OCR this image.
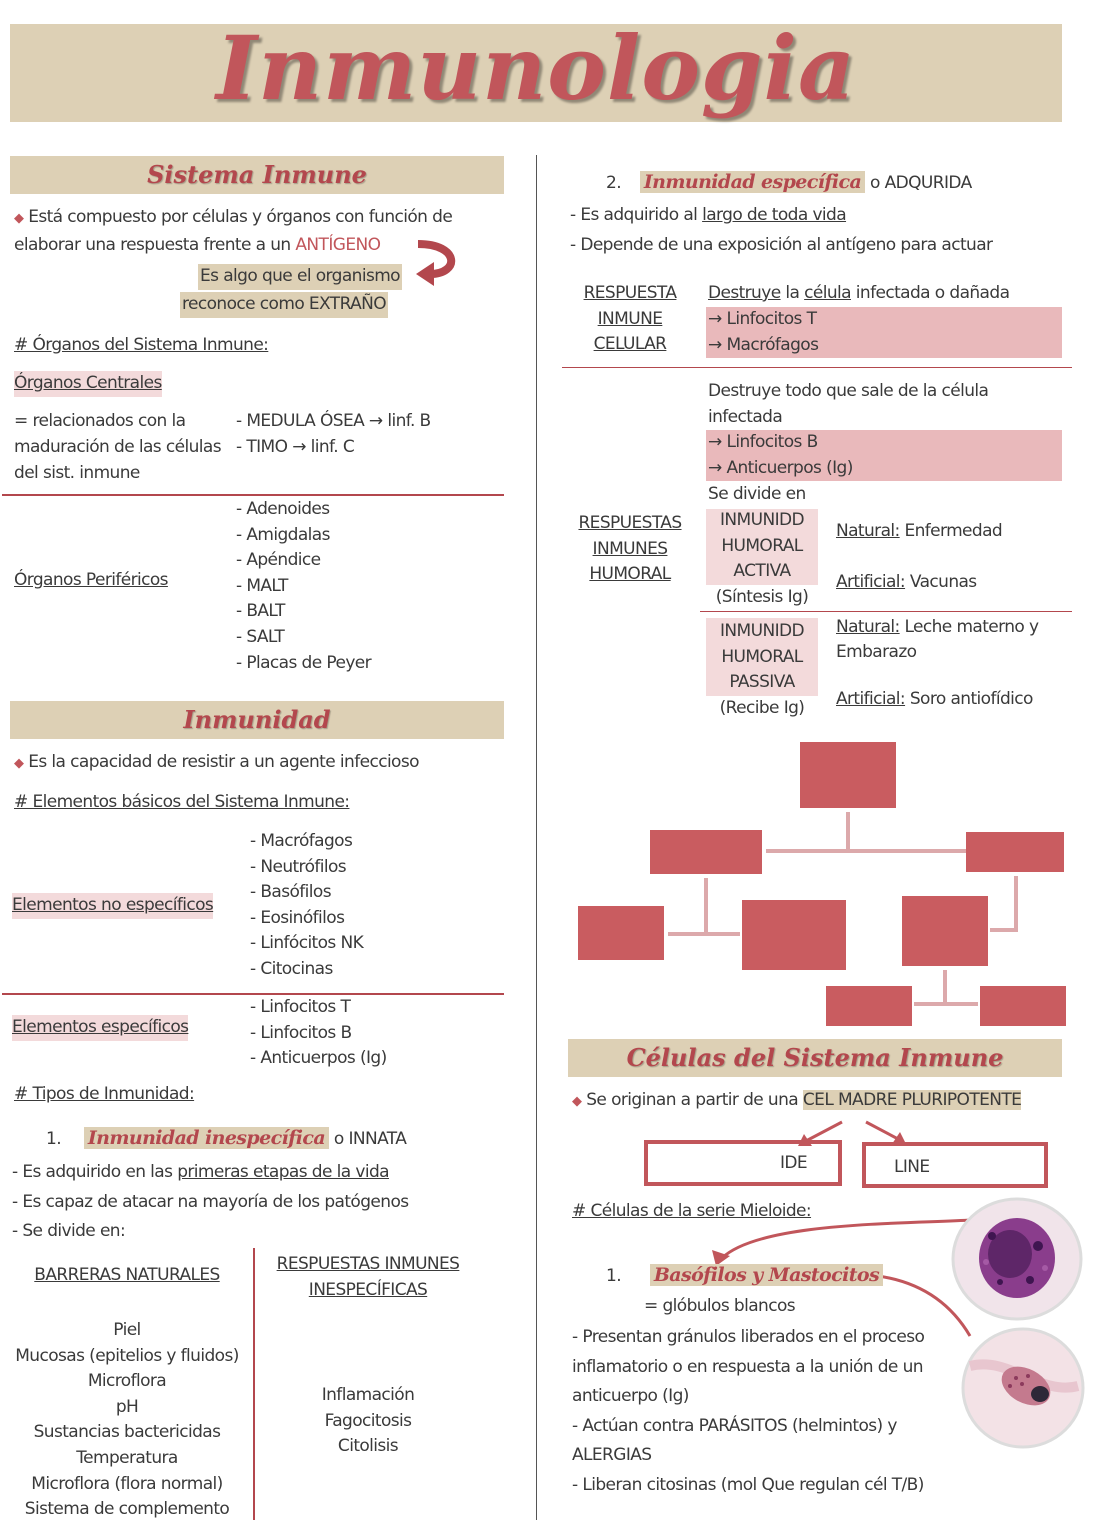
Inmunologia
Sistema Inmune
◆ Está compuesto por células y órganos con función de
elaborar una respuesta frente a un ANTÍGENO
Es algo que el organismo
reconoce como EXTRAÑO
# Órganos del Sistema Inmune:
Órganos Centrales
= relacionados con la
maduración de las células
del sist. inmune
- MEDULA ÓSEA → linf. B
- TIMO → linf. C
Órganos Periféricos
- Adenoides
- Amigdalas
- Apéndice
- MALT
- BALT
- SALT
- Placas de Peyer
Inmunidad
◆ Es la capacidad de resistir a un agente infeccioso
# Elementos básicos del Sistema Inmune:
Elementos no específicos
- Macrófagos
- Neutrófilos
- Basófilos
- Eosinófilos
- Linfócitos NK
- Citocinas
Elementos específicos
- Linfocitos T
- Linfocitos B
- Anticuerpos (Ig)
# Tipos de Inmunidad:
1. Inmunidad inespecífica o INNATA
- Es adquirido en las primeras etapas de la vida
- Es capaz de atacar na mayoría de los patógenos
- Se divide en:
BARRERAS NATURALES
Piel
Mucosas (epitelios y fluidos)
Microflora
pH
Sustancias bactericidas
Temperatura
Microflora (flora normal)
Sistema de complemento
RESPUESTAS INMUNES
INESPECÍFICAS
Inflamación
Fagocitosis
Citolisis
2. Inmunidad específica o ADQURIDA
- Es adquirido al largo de toda vida
- Depende de una exposición al antígeno para actuar
RESPUESTA
INMUNE
CELULAR
Destruye la célula infectada o dañada
→ Linfocitos T
→ Macrófagos
Destruye todo que sale de la célula
infectada
→ Linfocitos B
→ Anticuerpos (Ig)
Se divide en
RESPUESTAS
INMUNES
HUMORAL
INMUNIDD
HUMORAL
ACTIVA
(Síntesis Ig)
Natural: Enfermedad
Artificial: Vacunas
INMUNIDD
HUMORAL
PASSIVA
(Recibe Ig)
Natural: Leche materno y
Embarazo
Artificial: Soro antiofídico
Células del Sistema Inmune
◆ Se originan a partir de una CEL MADRE PLURIPOTENTE
IDE	LINE
# Células de la serie Mieloide:
1. Basófilos y Mastocitos
= glóbulos blancos
- Presentan gránulos liberados en el proceso
inflamatorio o en respuesta a la unión de un
anticuerpo (Ig)
- Actúan contra PARÁSITOS (helmintos) y
ALERGIAS
- Liberan citosinas (mol Que regulan cél T/B)
